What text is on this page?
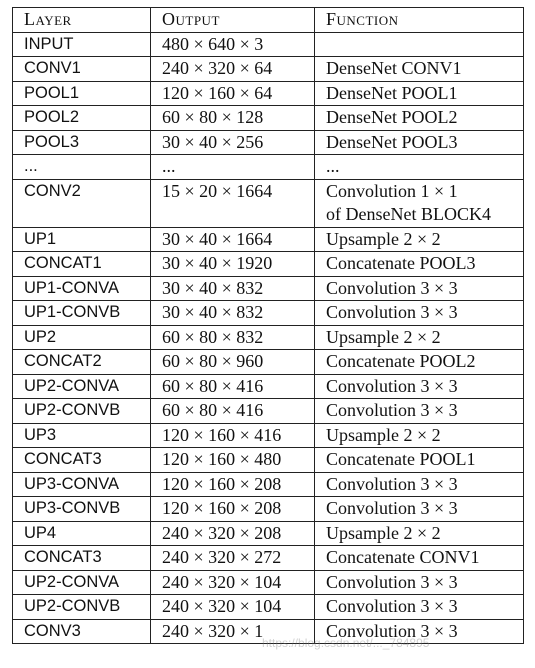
Layer	Output	Function
INPUT	480 × 640 × 3	

CONV1	240 × 320 × 64	DenseNet CONV1

POOL1	120 × 160 × 64	DenseNet POOL1

POOL2	60 × 80 × 128	DenseNet POOL2

POOL3	30 × 40 × 256	DenseNet POOL3

...	...	...

CONV2	15 × 20 × 1664	Convolution 1 × 1
of DenseNet BLOCK4

UP1	30 × 40 × 1664	Upsample 2 × 2

CONCAT1	30 × 40 × 1920	Concatenate POOL3

UP1-CONVA	30 × 40 × 832	Convolution 3 × 3

UP1-CONVB	30 × 40 × 832	Convolution 3 × 3

UP2	60 × 80 × 832	Upsample 2 × 2

CONCAT2	60 × 80 × 960	Concatenate POOL2

UP2-CONVA	60 × 80 × 416	Convolution 3 × 3

UP2-CONVB	60 × 80 × 416	Convolution 3 × 3

UP3	120 × 160 × 416	Upsample 2 × 2

CONCAT3	120 × 160 × 480	Concatenate POOL1

UP3-CONVA	120 × 160 × 208	Convolution 3 × 3

UP3-CONVB	120 × 160 × 208	Convolution 3 × 3

UP4	240 × 320 × 208	Upsample 2 × 2

CONCAT3	240 × 320 × 272	Concatenate CONV1

UP2-CONVA	240 × 320 × 104	Convolution 3 × 3

UP2-CONVB	240 × 320 × 104	Convolution 3 × 3

CONV3	240 × 320 × 1	Convolution 3 × 3
https://blog.csdn.net/..._784895
